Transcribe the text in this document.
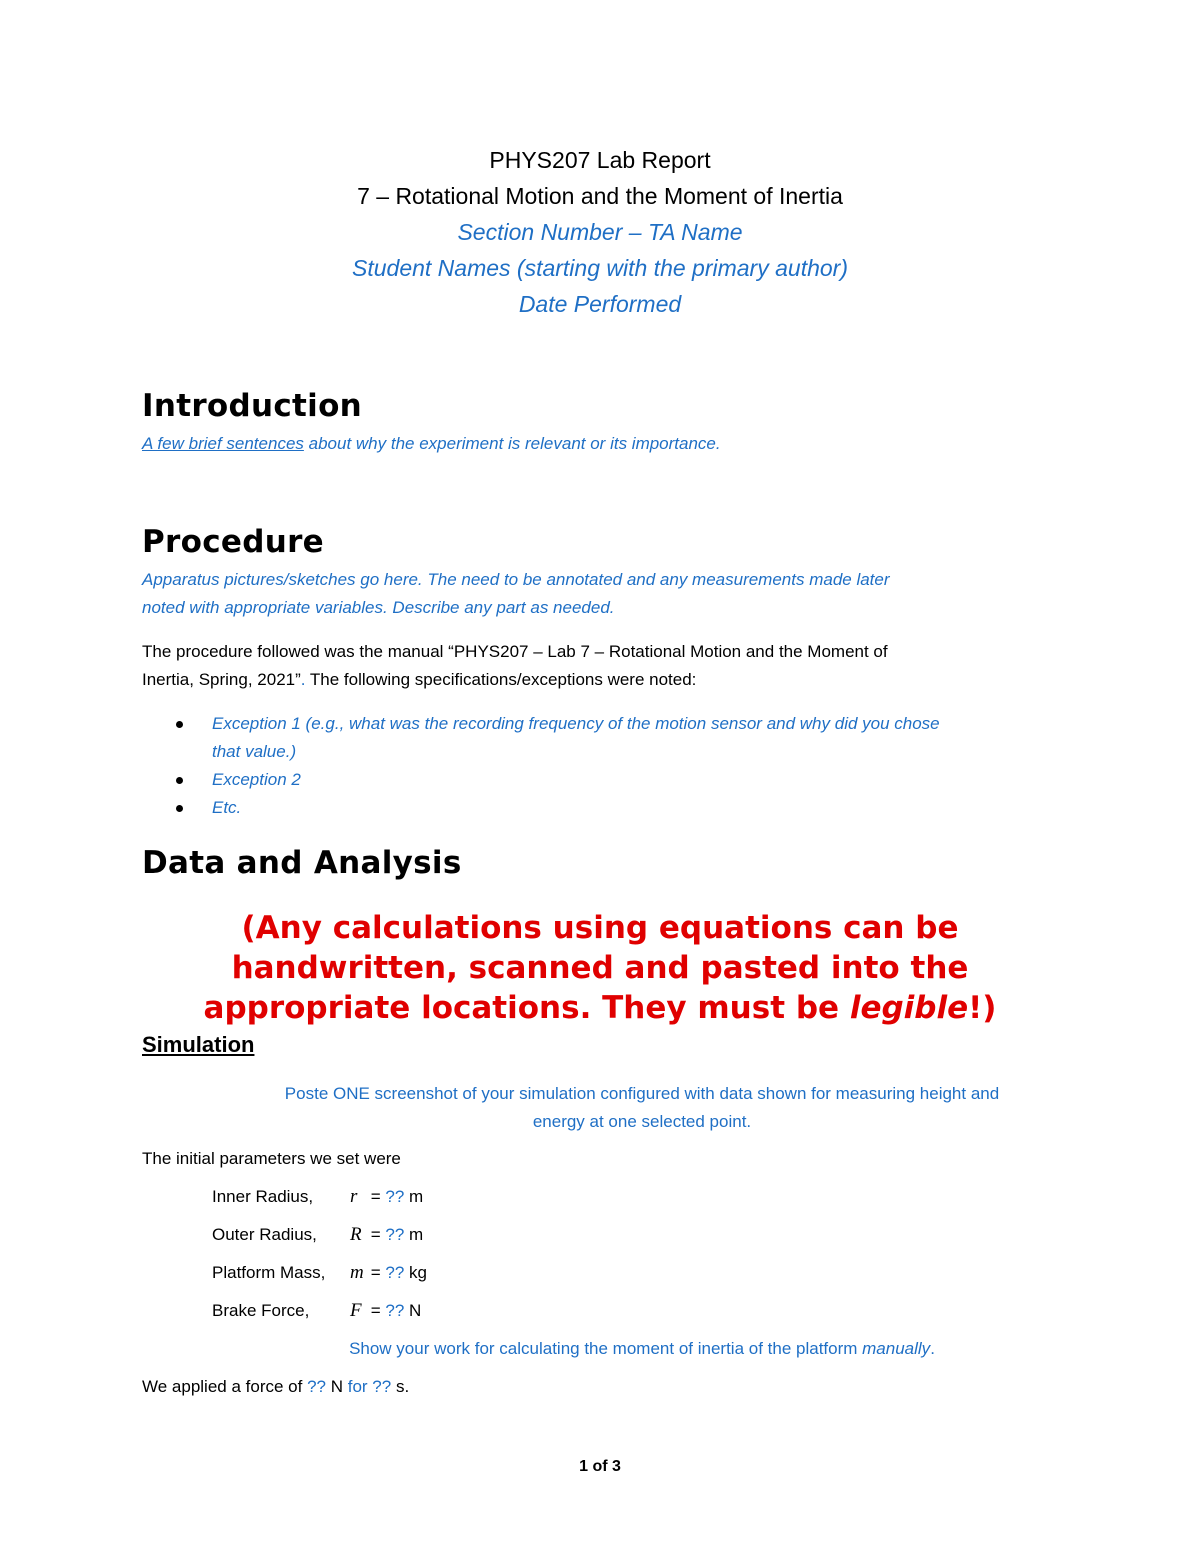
PHYS207 Lab Report
7 – Rotational Motion and the Moment of Inertia
Section Number – TA Name
Student Names (starting with the primary author)
Date Performed
Introduction
A few brief sentences about why the experiment is relevant or its importance.
Procedure
Apparatus pictures/sketches go here. The need to be annotated and any measurements made later
noted with appropriate variables. Describe any part as needed.
The procedure followed was the manual “PHYS207 – Lab 7 – Rotational Motion and the Moment of
Inertia, Spring, 2021”. The following specifications/exceptions were noted:
Exception 1 (e.g., what was the recording frequency of the motion sensor and why did you chose
that value.)
Exception 2
Etc.
Data and Analysis
(Any calculations using equations can be
handwritten, scanned and pasted into the
appropriate locations. They must be legible!)
Simulation
Poste ONE screenshot of your simulation configured with data shown for measuring height and
energy at one selected point.
The initial parameters we set were
Inner Radius, r = ?? m
Outer Radius, R = ?? m
Platform Mass, m = ?? kg
Brake Force, F = ?? N
Show your work for calculating the moment of inertia of the platform manually.
We applied a force of ?? N for ?? s.
1 of 3
